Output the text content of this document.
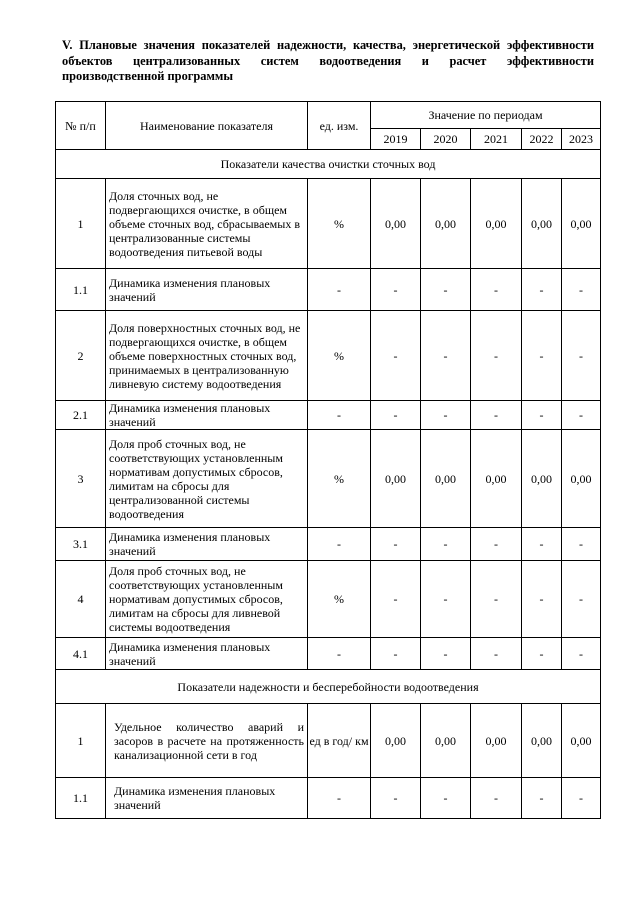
V. Плановые значения показателей надежности, качества, энергетической эффективности
объектов централизованных систем водоотведения и расчет эффективности
производственной программы
№ п/п	Наименование показателя	ед. изм.	Значение по периодам				
			2019	2020	2021	2022	2023
Показатели качества очистки сточных вод							
1	Доля сточных вод, не подвергающихся очистке, в общем объеме сточных вод, сбрасываемых в централизованные системы водоотведения питьевой воды	%	0,00	0,00	0,00	0,00	0,00
1.1	Динамика изменения плановых значений	-	-	-	-	-	-
2	Доля поверхностных сточных вод, не подвергающихся очистке, в общем объеме поверхностных сточных вод, принимаемых в централизованную ливневую систему водоотведения	%	-	-	-	-	-
2.1	Динамика изменения плановых значений	-	-	-	-	-	-
3	Доля проб сточных вод, не соответствующих установленным нормативам допустимых сбросов, лимитам на сбросы для централизованной системы водоотведения	%	0,00	0,00	0,00	0,00	0,00
3.1	Динамика изменения плановых значений	-	-	-	-	-	-
4	Доля проб сточных вод, не соответствующих установленным нормативам допустимых сбросов, лимитам на сбросы для ливневой системы водоотведения	%	-	-	-	-	-
4.1	Динамика изменения плановых значений	-	-	-	-	-	-
Показатели надежности и бесперебойности водоотведения							
1	Удельное количество аварий и засоров в расчете на протяженность канализационной сети в год	ед в год/ км	0,00	0,00	0,00	0,00	0,00
1.1	Динамика изменения плановых значений	-	-	-	-	-	-
